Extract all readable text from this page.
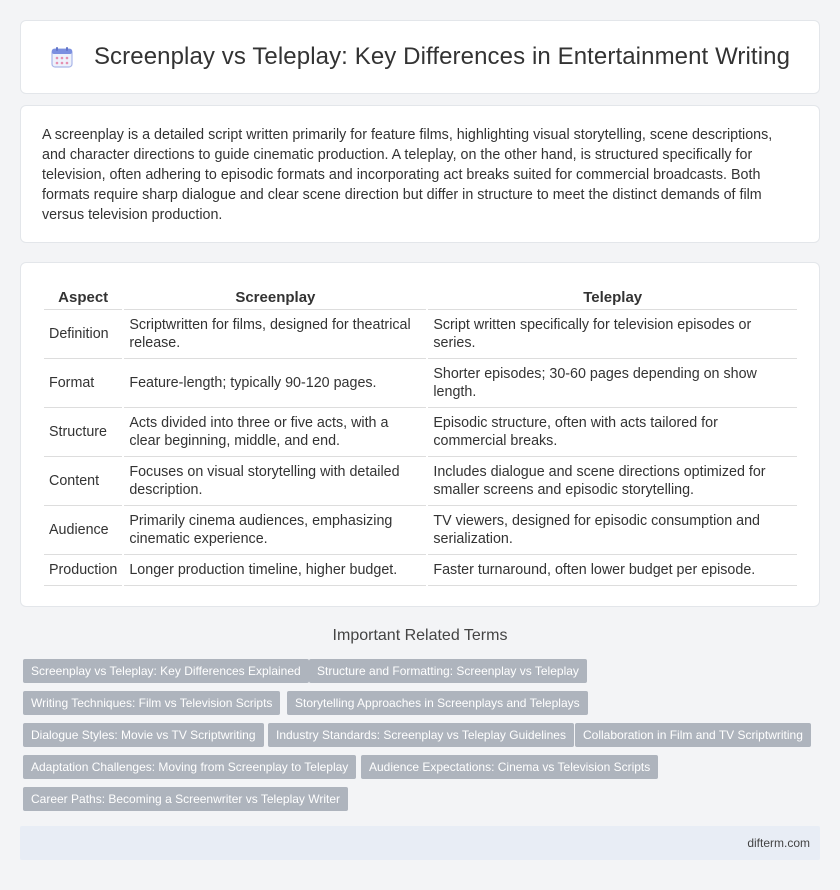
Screenplay vs Teleplay: Key Differences in Entertainment Writing

A screenplay is a detailed script written primarily for feature films, highlighting visual storytelling, scene descriptions, and character directions to guide cinematic production. A teleplay, on the other hand, is structured specifically for television, often adhering to episodic formats and incorporating act breaks suited for commercial broadcasts. Both formats require sharp dialogue and clear scene direction but differ in structure to meet the distinct demands of film versus television production.

Aspect	Screenplay	Teleplay
Definition	Scriptwritten for films, designed for theatrical release.	Script written specifically for television episodes or series.
Format	Feature-length; typically 90-120 pages.	Shorter episodes; 30-60 pages depending on show length.
Structure	Acts divided into three or five acts, with a clear beginning, middle, and end.	Episodic structure, often with acts tailored for commercial breaks.
Content	Focuses on visual storytelling with detailed description.	Includes dialogue and scene directions optimized for smaller screens and episodic storytelling.
Audience	Primarily cinema audiences, emphasizing cinematic experience.	TV viewers, designed for episodic consumption and serialization.
Production	Longer production timeline, higher budget.	Faster turnaround, often lower budget per episode.
Important Related Terms
Screenplay vs Teleplay: Key Differences Explained	Structure and Formatting: Screenplay vs Teleplay
Writing Techniques: Film vs Television Scripts	Storytelling Approaches in Screenplays and Teleplays
Dialogue Styles: Movie vs TV Scriptwriting	Industry Standards: Screenplay vs Teleplay Guidelines	Collaboration in Film and TV Scriptwriting
Adaptation Challenges: Moving from Screenplay to Teleplay	Audience Expectations: Cinema vs Television Scripts
Career Paths: Becoming a Screenwriter vs Teleplay Writer
difterm.com
